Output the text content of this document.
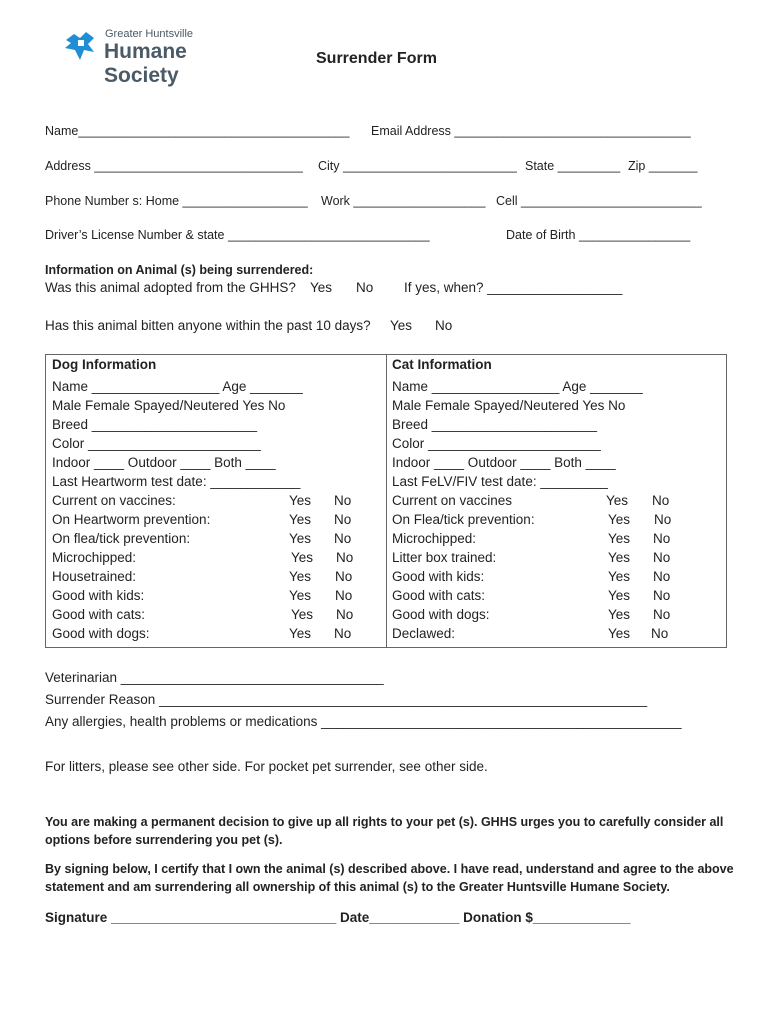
Greater Huntsville
Humane Society
Surrender Form
Name_______________________________________ Email Address __________________________________
Address ______________________________ City _________________________ State _________ Zip _______
Phone Number s: Home __________________ Work ___________________ Cell __________________________
Driver’s License Number & state _____________________________	Date of Birth ________________
Information on Animal (s) being surrendered:
Was this animal adopted from the GHHS? Yes No If yes, when? __________________
Has this animal bitten anyone within the past 10 days? Yes No
Dog Information
Name _________________ Age _______
Male Female Spayed/Neutered Yes No
Breed ______________________
Color _______________________
Indoor ____ Outdoor ____ Both ____
Last Heartworm test date: ____________
Current on vaccines:	Yes No
On Heartworm prevention:	Yes No
On flea/tick prevention:	Yes No
Microchipped:	Yes No
Housetrained:	Yes No
Good with kids:	Yes No
Good with cats:	Yes No
Good with dogs:	Yes No
Cat Information
Name _________________ Age _______
Male Female Spayed/Neutered Yes No
Breed ______________________
Color _______________________
Indoor ____ Outdoor ____ Both ____
Last FeLV/FIV test date: _________
Current on vaccines	Yes No
On Flea/tick prevention:	Yes No
Microchipped:	Yes No
Litter box trained:	Yes No
Good with kids:	Yes No
Good with cats:	Yes No
Good with dogs:	Yes No
Declawed:	Yes No
Veterinarian ___________________________________
Surrender Reason _________________________________________________________________
Any allergies, health problems or medications ________________________________________________
For litters, please see other side. For pocket pet surrender, see other side.
You are making a permanent decision to give up all rights to your pet (s). GHHS urges you to carefully consider all
options before surrendering you pet (s).
By signing below, I certify that I own the animal (s) described above. I have read, understand and agree to the above
statement and am surrendering all ownership of this animal (s) to the Greater Huntsville Humane Society.
Signature ______________________________ Date____________ Donation $_____________
